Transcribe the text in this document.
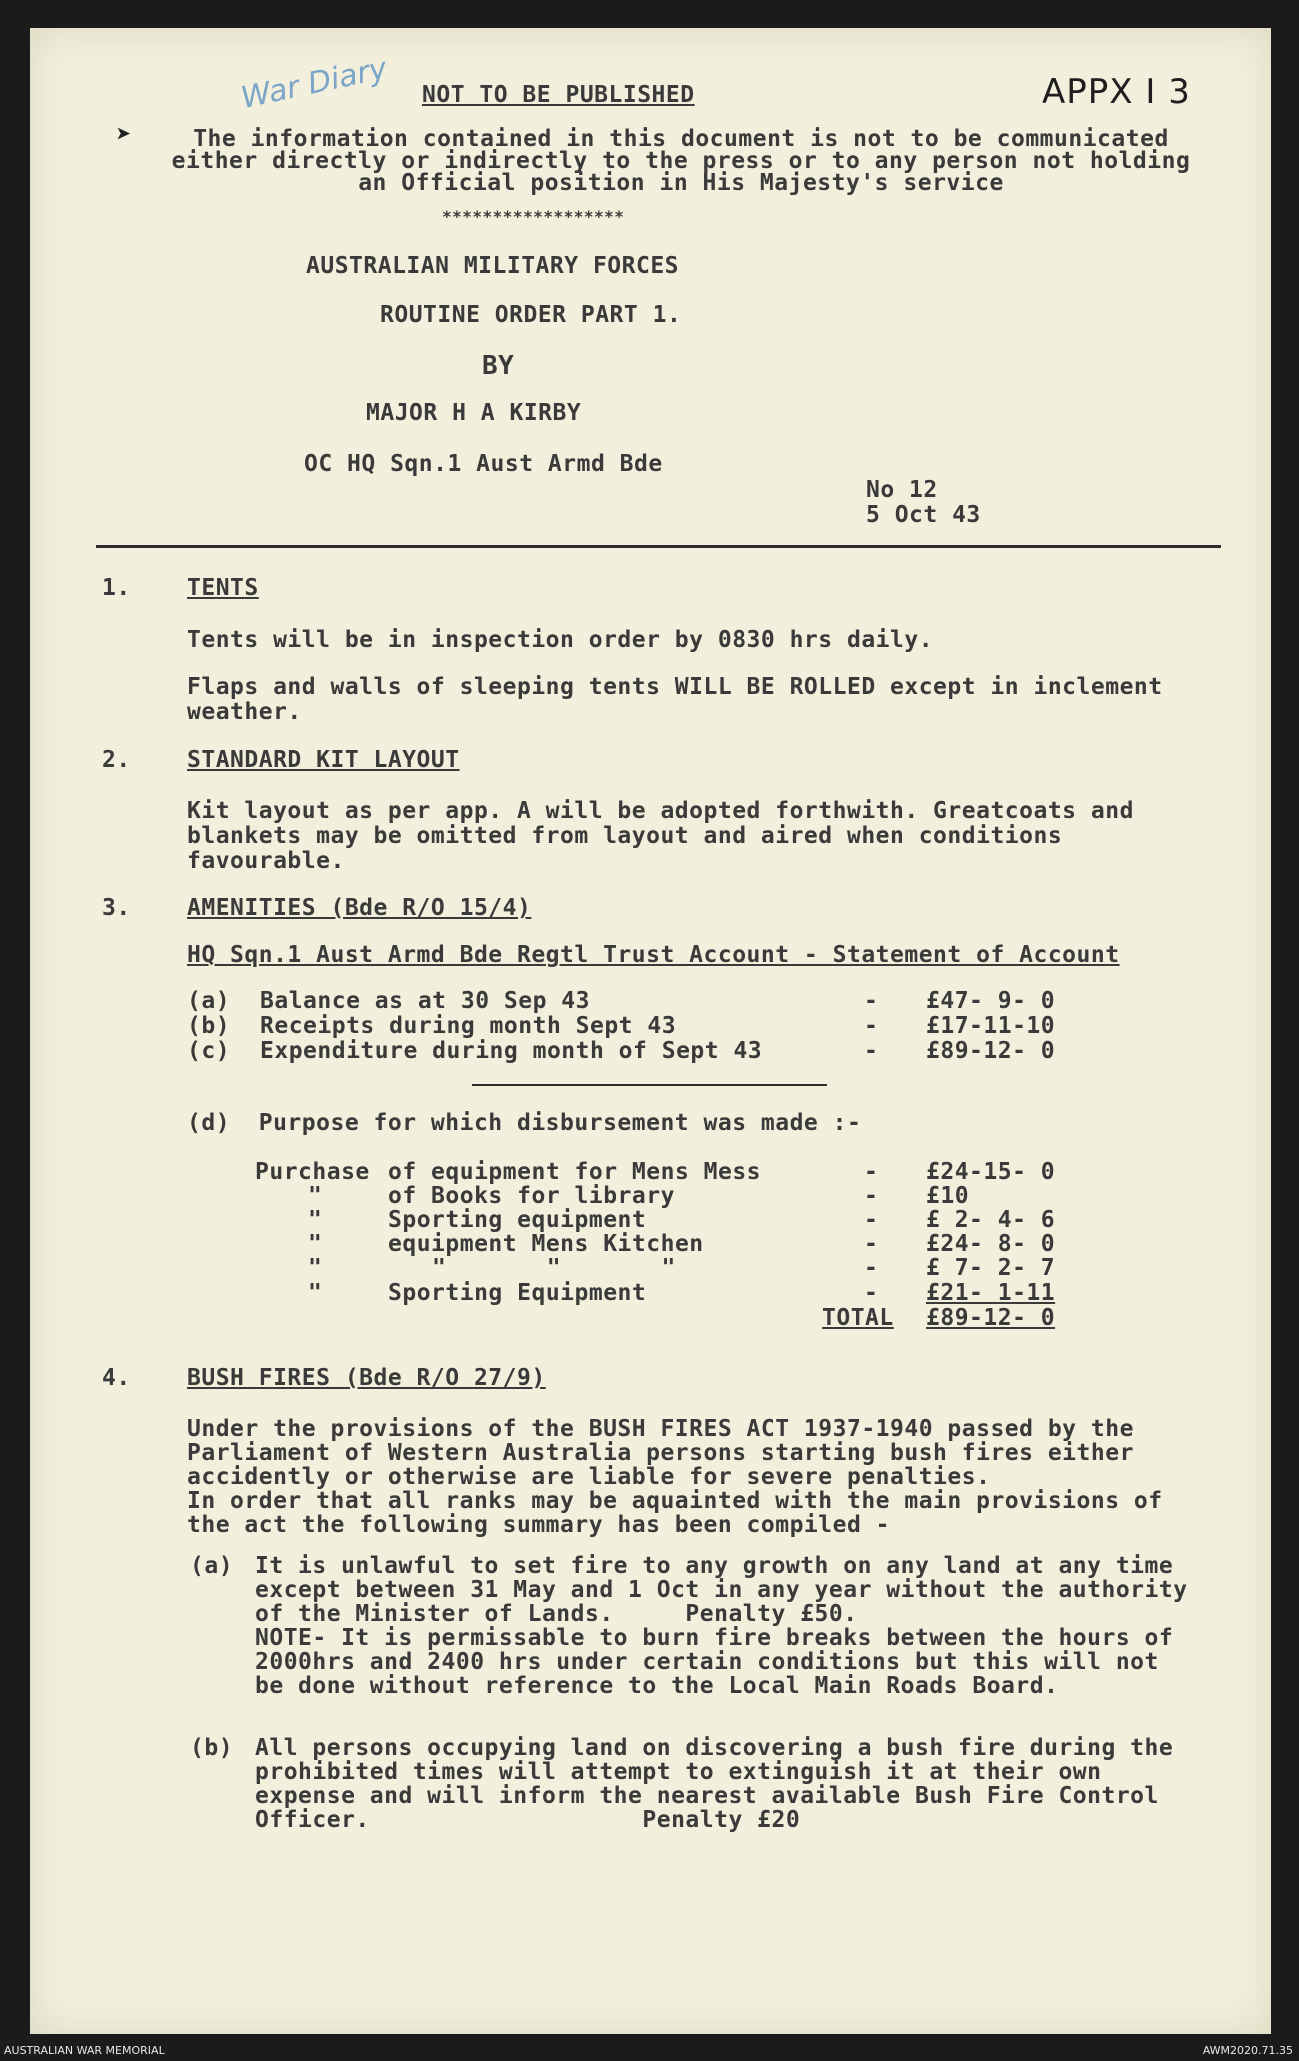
War Diary	APPX I 3
NOT TO BE PUBLISHED
➤	The information contained in this document is not to be communicated
either directly or indirectly to the press or to any person not holding
an Official position in His Majesty's service
******************
AUSTRALIAN MILITARY FORCES
ROUTINE ORDER PART 1.
BY
MAJOR H A KIRBY
OC HQ Sqn.1 Aust Armd Bde
No 12
5 Oct 43
1. TENTS
Tents will be in inspection order by 0830 hrs daily.
Flaps and walls of sleeping tents WILL BE ROLLED except in inclement
weather.
2. STANDARD KIT LAYOUT
Kit layout as per app. A will be adopted forthwith. Greatcoats and
blankets may be omitted from layout and aired when conditions
favourable.
3. AMENITIES (Bde R/O 15/4)
HQ Sqn.1 Aust Armd Bde Regtl Trust Account - Statement of Account
(a) Balance as at 30 Sep 43	- £47- 9- 0
(b) Receipts during month Sept 43	- £17-11-10
(c) Expenditure during month of Sept 43	- £89-12- 0
(d)  Purpose for which disbursement was made :-
Purchase of equipment for Mens Mess	- £24-15- 0
"	of Books for library	- £10
"	Sporting equipment	- £ 2- 4- 6
"	equipment Mens Kitchen	- £24- 8- 0
"	"       "       "	- £ 7- 2- 7
"	Sporting Equipment	- £21- 1-11
TOTAL £89-12- 0
4. BUSH FIRES (Bde R/O 27/9)
Under the provisions of the BUSH FIRES ACT 1937-1940 passed by the
Parliament of Western Australia persons starting bush fires either
accidently or otherwise are liable for severe penalties.
In order that all ranks may be aquainted with the main provisions of
the act the following summary has been compiled -
(a) It is unlawful to set fire to any growth on any land at any time
except between 31 May and 1 Oct in any year without the authority
of the Minister of Lands.     Penalty £50.
NOTE- It is permissable to burn fire breaks between the hours of
2000hrs and 2400 hrs under certain conditions but this will not
be done without reference to the Local Main Roads Board.
(b) All persons occupying land on discovering a bush fire during the
prohibited times will attempt to extinguish it at their own
expense and will inform the nearest available Bush Fire Control
Officer.                   Penalty £20
AUSTRALIAN WAR MEMORIAL	AWM2020.71.35
